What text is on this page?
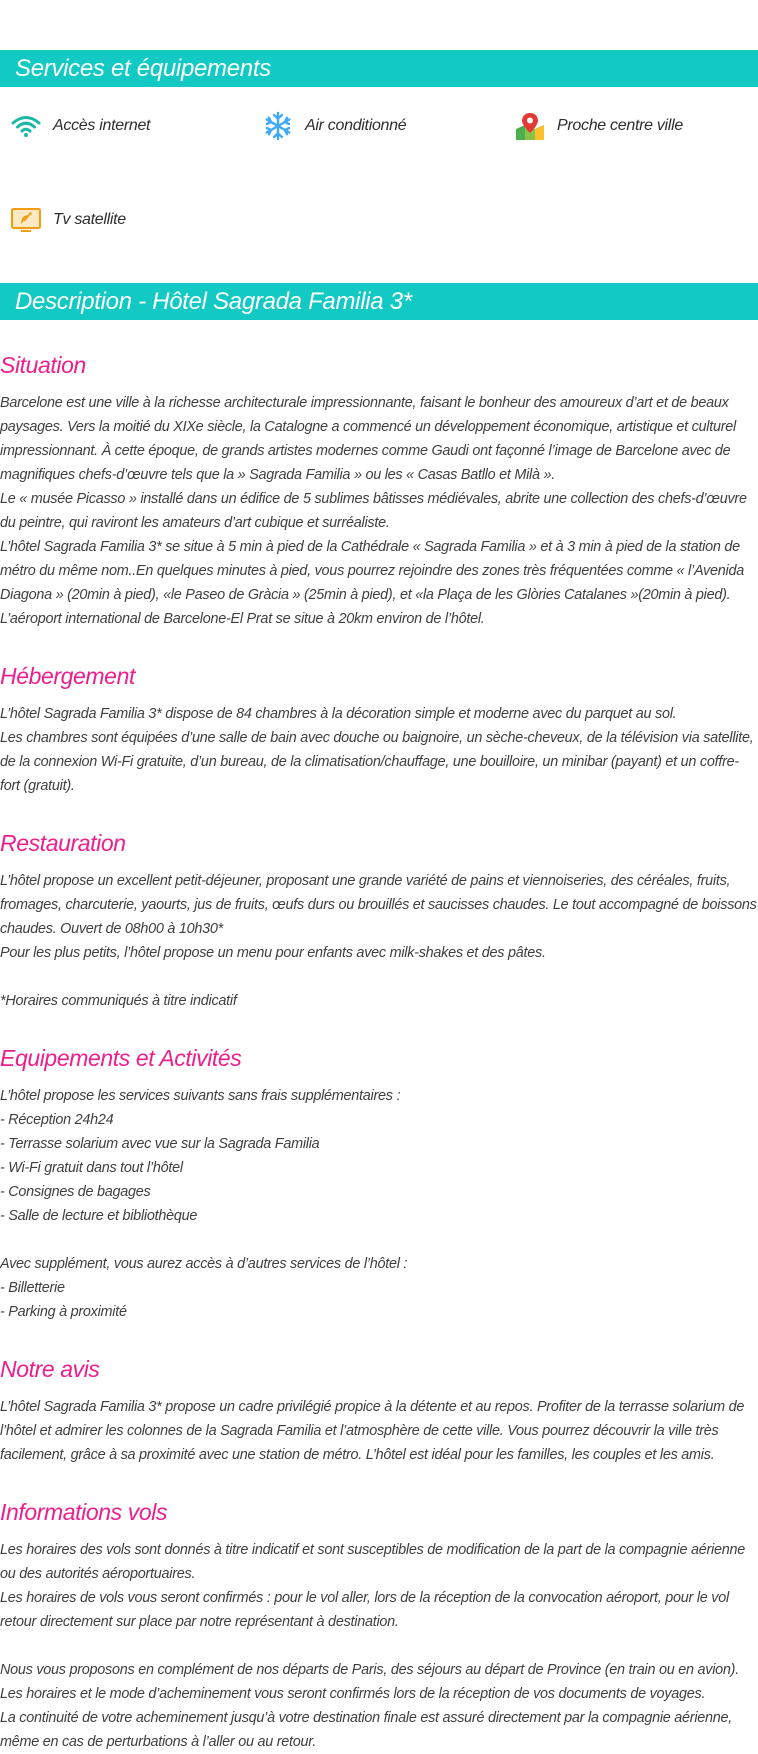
Services et équipements
Accès internet	Air conditionné	Proche centre ville
Tv satellite
Description - Hôtel Sagrada Familia 3*
Situation

Barcelone est une ville à la richesse architecturale impressionnante, faisant le bonheur des amoureux d’art et de beaux paysages. Vers la moitié du XIXe siècle, la Catalogne a commencé un développement économique, artistique et culturel impressionnant. À cette époque, de grands artistes modernes comme Gaudi ont façonné l’image de Barcelone avec de magnifiques chefs-d’œuvre tels que la » Sagrada Familia » ou les « Casas Batllo et Milà ».

Le « musée Picasso » installé dans un édifice de 5 sublimes bâtisses médiévales, abrite une collection des chefs-d’œuvre du peintre, qui raviront les amateurs d’art cubique et surréaliste.

L’hôtel Sagrada Familia 3* se situe à 5 min à pied de la Cathédrale « Sagrada Familia » et à 3 min à pied de la station de métro du même nom..En quelques minutes à pied, vous pourrez rejoindre des zones très fréquentées comme « l’Avenida Diagona » (20min à pied), «le Paseo de Gràcia » (25min à pied), et «la Plaça de les Glòries Catalanes »(20min à pied).

L’aéroport international de Barcelone-El Prat se situe à 20km environ de l’hôtel.

Hébergement

L’hôtel Sagrada Familia 3* dispose de 84 chambres à la décoration simple et moderne avec du parquet au sol.

Les chambres sont équipées d’une salle de bain avec douche ou baignoire, un sèche-cheveux, de la télévision via satellite, de la connexion Wi-Fi gratuite, d’un bureau, de la climatisation/chauffage, une bouilloire, un minibar (payant) et un coffre-fort (gratuit).

Restauration

L’hôtel propose un excellent petit-déjeuner, proposant une grande variété de pains et viennoiseries, des céréales, fruits, fromages, charcuterie, yaourts, jus de fruits, œufs durs ou brouillés et saucisses chaudes. Le tout accompagné de boissons chaudes. Ouvert de 08h00 à 10h30*

Pour les plus petits, l’hôtel propose un menu pour enfants avec milk-shakes et des pâtes.

*Horaires communiqués à titre indicatif

Equipements et Activités

L’hôtel propose les services suivants sans frais supplémentaires :

- Réception 24h24

- Terrasse solarium avec vue sur la Sagrada Familia

- Wi-Fi gratuit dans tout l’hôtel

- Consignes de bagages

- Salle de lecture et bibliothèque

Avec supplément, vous aurez accès à d’autres services de l’hôtel :

- Billetterie

- Parking à proximité

Notre avis

L’hôtel Sagrada Familia 3* propose un cadre privilégié propice à la détente et au repos. Profiter de la terrasse solarium de l’hôtel et admirer les colonnes de la Sagrada Familia et l’atmosphère de cette ville. Vous pourrez découvrir la ville très facilement, grâce à sa proximité avec une station de métro. L’hôtel est idéal pour les familles, les couples et les amis.

Informations vols

Les horaires des vols sont donnés à titre indicatif et sont susceptibles de modification de la part de la compagnie aérienne ou des autorités aéroportuaires.

Les horaires de vols vous seront confirmés : pour le vol aller, lors de la réception de la convocation aéroport, pour le vol retour directement sur place par notre représentant à destination.

Nous vous proposons en complément de nos départs de Paris, des séjours au départ de Province (en train ou en avion).

Les horaires et le mode d’acheminement vous seront confirmés lors de la réception de vos documents de voyages.

La continuité de votre acheminement jusqu’à votre destination finale est assuré directement par la compagnie aérienne, même en cas de perturbations à l’aller ou au retour.
